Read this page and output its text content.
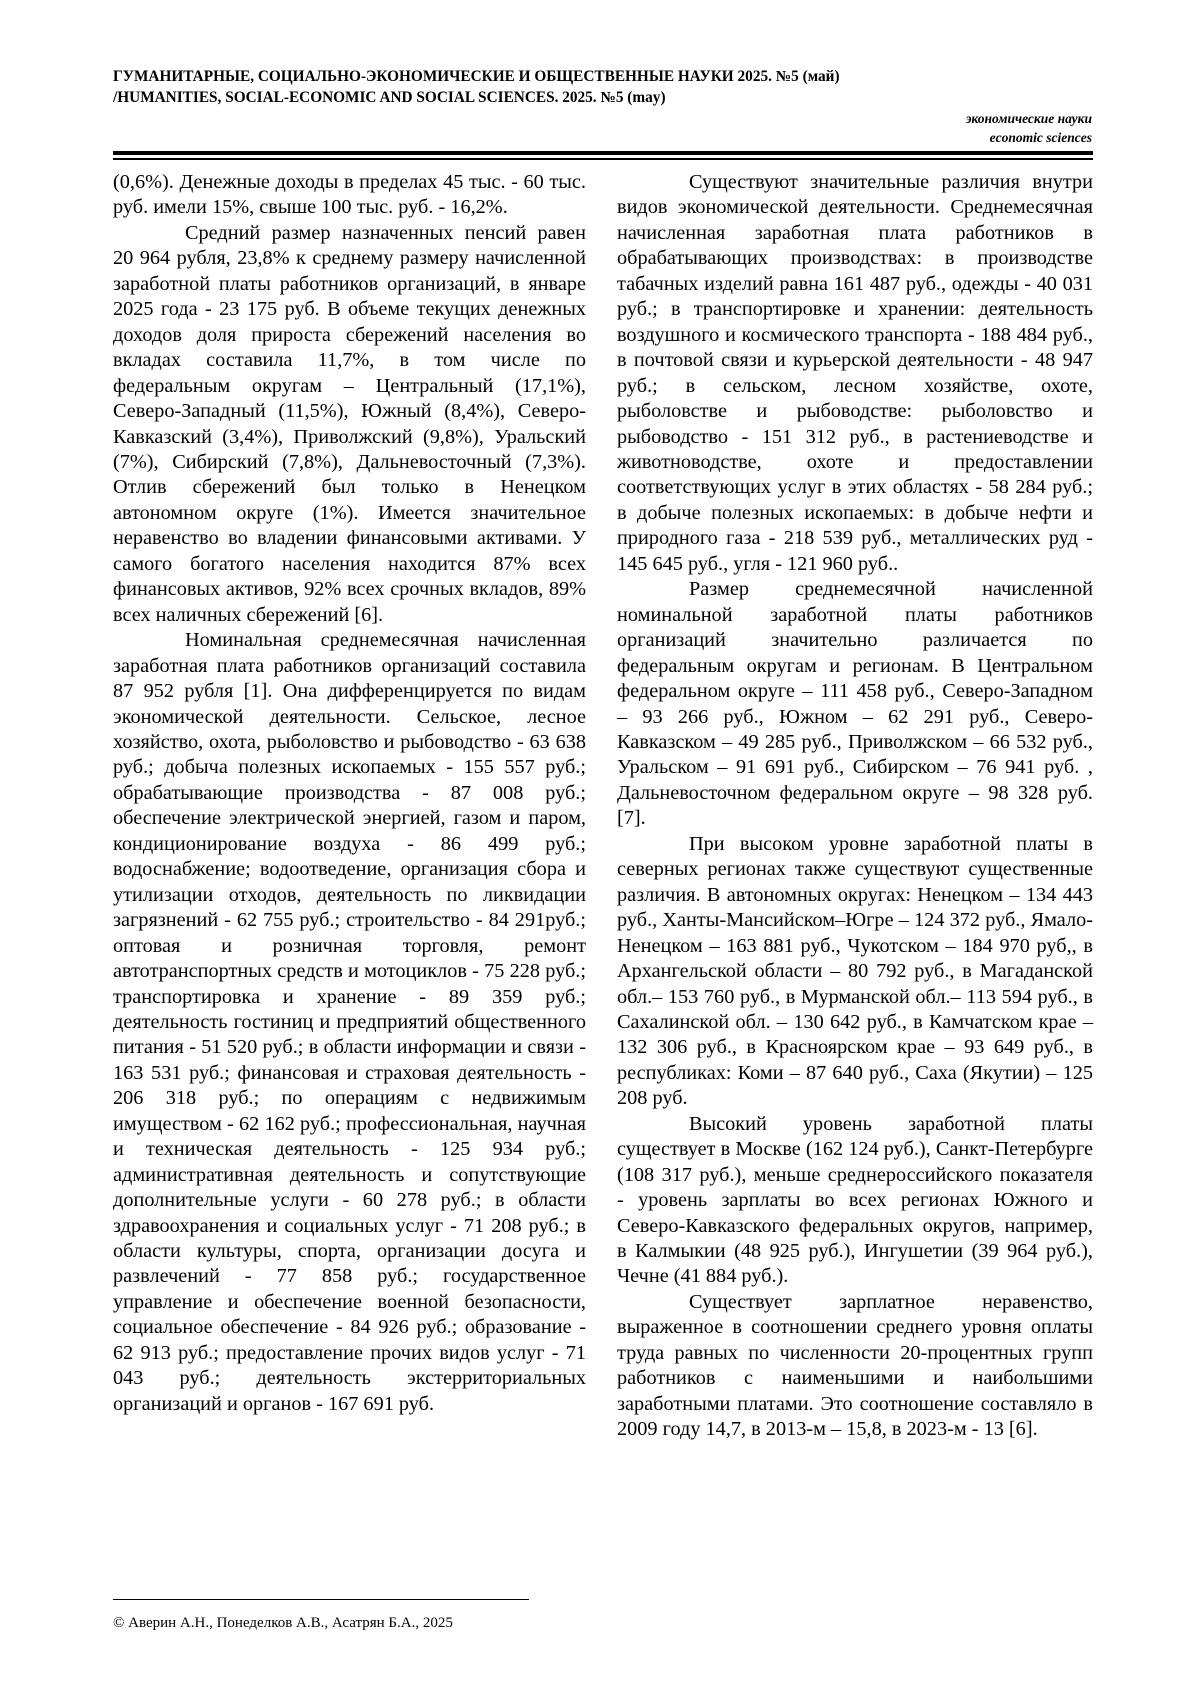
ГУМАНИТАРНЫЕ, СОЦИАЛЬНО-ЭКОНОМИЧЕСКИЕ И ОБЩЕСТВЕННЫЕ НАУКИ 2025. №5 (май)
/HUMANITIES, SOCIAL-ECONOMIC AND SOCIAL SCIENCES. 2025. №5 (may)
экономические науки
economic sciences

(0,6%). Денежные доходы в пределах 45 тыс. - 60 тыс. руб. имели 15%, свыше 100 тыс. руб. - 16,2%.

Средний размер назначенных пенсий равен 20 964 рубля, 23,8% к среднему размеру начисленной заработной платы работников организаций, в январе 2025 года - 23 175 руб. В объеме текущих денежных доходов доля прироста сбережений населения во вкладах составила 11,7%, в том числе по федеральным округам – Центральный (17,1%), Северо-Западный (11,5%), Южный (8,4%), Северо-Кавказский (3,4%), Приволжский (9,8%), Уральский (7%), Сибирский (7,8%), Дальневосточный (7,3%). Отлив сбережений был только в Ненецком автономном округе (1%). Имеется значительное неравенство во владении финансовыми активами. У самого богатого населения находится 87% всех финансовых активов, 92% всех срочных вкладов, 89% всех наличных сбережений [6].

Номинальная среднемесячная начисленная заработная плата работников организаций составила 87 952 рубля [1]. Она дифференцируется по видам экономической деятельности. Сельское, лесное хозяйство, охота, рыболовство и рыбоводство - 63 638 руб.; добыча полезных ископаемых - 155 557 руб.; обрабатывающие производства - 87 008 руб.; обеспечение электрической энергией, газом и паром, кондиционирование воздуха - 86 499 руб.; водоснабжение; водоотведение, организация сбора и утилизации отходов, деятельность по ликвидации загрязнений - 62 755 руб.; строительство - 84 291руб.; оптовая и розничная торговля, ремонт автотранспортных средств и мотоциклов - 75 228 руб.; транспортировка и хранение - 89 359 руб.; деятельность гостиниц и предприятий общественного питания - 51 520 руб.; в области информации и связи - 163 531 руб.; финансовая и страховая деятельность - 206 318 руб.; по операциям с недвижимым имуществом - 62 162 руб.; профессиональная, научная и техническая деятельность - 125 934 руб.; административная деятельность и сопутствующие дополнительные услуги - 60 278 руб.; в области здравоохранения и социальных услуг - 71 208 руб.; в области культуры, спорта, организации досуга и развлечений - 77 858 руб.; государственное управление и обеспечение военной безопасности, социальное обеспечение - 84 926 руб.; образование - 62 913 руб.; предоставление прочих видов услуг - 71 043 руб.; деятельность экстерриториальных организаций и органов - 167 691 руб.

Существуют значительные различия внутри видов экономической деятельности. Среднемесячная начисленная заработная плата работников в обрабатывающих производствах: в производстве табачных изделий равна 161 487 руб., одежды - 40 031 руб.; в транспортировке и хранении: деятельность воздушного и космического транспорта - 188 484 руб., в почтовой связи и курьерской деятельности - 48 947 руб.; в сельском, лесном хозяйстве, охоте, рыболовстве и рыбоводстве: рыболовство и рыбоводство - 151 312 руб., в растениеводстве и животноводстве, охоте и предоставлении соответствующих услуг в этих областях - 58 284 руб.; в добыче полезных ископаемых: в добыче нефти и природного газа - 218 539 руб., металлических руд - 145 645 руб., угля - 121 960 руб..

Размер среднемесячной начисленной номинальной заработной платы работников организаций значительно различается по федеральным округам и регионам. В Центральном федеральном округе – 111 458 руб., Северо-Западном – 93 266 руб., Южном – 62 291 руб., Северо-Кавказском – 49 285 руб., Приволжском – 66 532 руб., Уральском – 91 691 руб., Сибирском – 76 941 руб. , Дальневосточном федеральном округе – 98 328 руб. [7].

При высоком уровне заработной платы в северных регионах также существуют существенные различия. В автономных округах: Ненецком – 134 443 руб., Ханты-Мансийском–Югре – 124 372 руб., Ямало-Ненецком – 163 881 руб., Чукотском – 184 970 руб,, в Архангельской области – 80 792 руб., в Магаданской обл.– 153 760 руб., в Мурманской обл.– 113 594 руб., в Сахалинской обл. – 130 642 руб., в Камчатском крае – 132 306 руб., в Красноярском крае – 93 649 руб., в республиках: Коми – 87 640 руб., Саха (Якутии) – 125 208 руб.

Высокий уровень заработной платы существует в Москве (162 124 руб.), Санкт-Петербурге (108 317 руб.), меньше среднероссийского показателя - уровень зарплаты во всех регионах Южного и Северо-Кавказского федеральных округов, например, в Калмыкии (48 925 руб.), Ингушетии (39 964 руб.), Чечне (41 884 руб.).

Существует зарплатное неравенство, выраженное в соотношении среднего уровня оплаты труда равных по численности 20-процентных групп работников с наименьшими и наибольшими заработными платами. Это соотношение составляло в 2009 году 14,7, в 2013-м – 15,8, в 2023-м - 13 [6].

© Аверин А.Н., Понеделков А.В., Асатрян Б.А., 2025
